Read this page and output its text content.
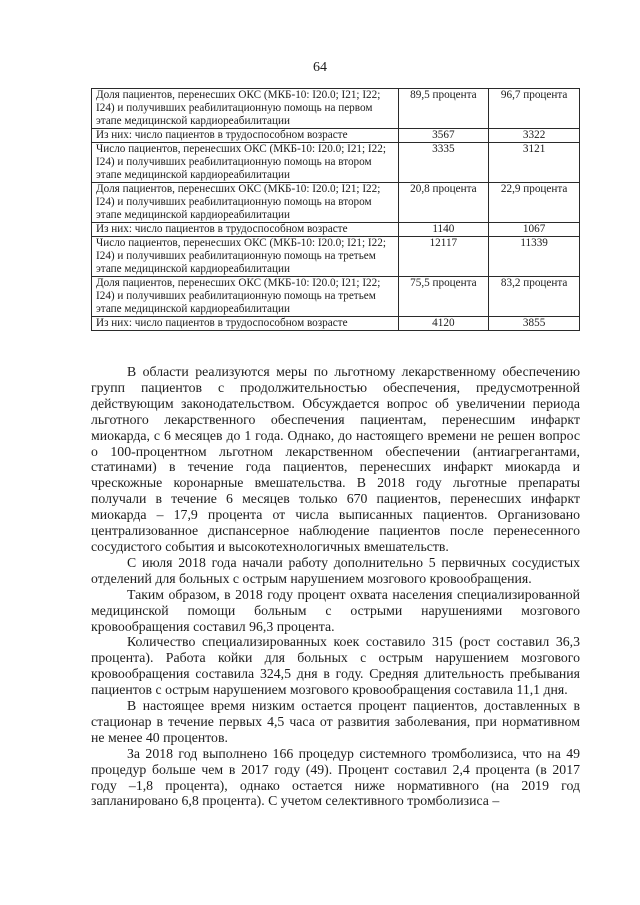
64
Доля пациентов, перенесших ОКС (МКБ-10: I20.0; I21; I22; I24) и получивших реабилитационную помощь на первом этапе медицинской кардиореабилитации	89,5 процента	96,7 процента
Из них: число пациентов в трудоспособном возрасте	3567	3322
Число пациентов, перенесших ОКС (МКБ-10: I20.0; I21; I22; I24) и получивших реабилитационную помощь на втором этапе медицинской кардиореабилитации	3335	3121
Доля пациентов, перенесших ОКС (МКБ-10: I20.0; I21; I22; I24) и получивших реабилитационную помощь на втором этапе медицинской кардиореабилитации	20,8 процента	22,9 процента
Из них: число пациентов в трудоспособном возрасте	1140	1067
Число пациентов, перенесших ОКС (МКБ-10: I20.0; I21; I22; I24) и получивших реабилитационную помощь на третьем этапе медицинской кардиореабилитации	12117	11339
Доля пациентов, перенесших ОКС (МКБ-10: I20.0; I21; I22; I24) и получивших реабилитационную помощь на третьем этапе медицинской кардиореабилитации	75,5 процента	83,2 процента
Из них: число пациентов в трудоспособном возрасте	4120	3855

В области реализуются меры по льготному лекарственному обеспечению групп пациентов с продолжительностью обеспечения, предусмотренной действующим законодательством. Обсуждается вопрос об увеличении периода льготного лекарственного обеспечения пациентам, перенесшим инфаркт миокарда, с 6 месяцев до 1 года. Однако, до настоящего времени не решен вопрос о 100-процентном льготном лекарственном обеспечении (антиагрегантами, статинами) в течение года пациентов, перенесших инфаркт миокарда и чрескожные коронарные вмешательства. В 2018 году льготные препараты получали в течение 6 месяцев только 670 пациентов, перенесших инфаркт миокарда – 17,9 процента от числа выписанных пациентов. Организовано централизованное диспансерное наблюдение пациентов после перенесенного сосудистого события и высокотехнологичных вмешательств.

С июля 2018 года начали работу дополнительно 5 первичных сосудистых отделений для больных с острым нарушением мозгового кровообращения.

Таким образом, в 2018 году процент охвата населения специализированной медицинской помощи больным с острыми нарушениями мозгового кровообращения составил 96,3 процента.

Количество специализированных коек составило 315 (рост составил 36,3 процента). Работа койки для больных с острым нарушением мозгового кровообращения составила 324,5 дня в году. Средняя длительность пребывания пациентов с острым нарушением мозгового кровообращения составила 11,1 дня.

В настоящее время низким остается процент пациентов, доставленных в стационар в течение первых 4,5 часа от развития заболевания, при нормативном не менее 40 процентов.

За 2018 год выполнено 166 процедур системного тромболизиса, что на 49 процедур больше чем в 2017 году (49). Процент составил 2,4 процента (в 2017 году –1,8 процента), однако остается ниже нормативного (на 2019 год запланировано 6,8 процента). С учетом селективного тромболизиса –
